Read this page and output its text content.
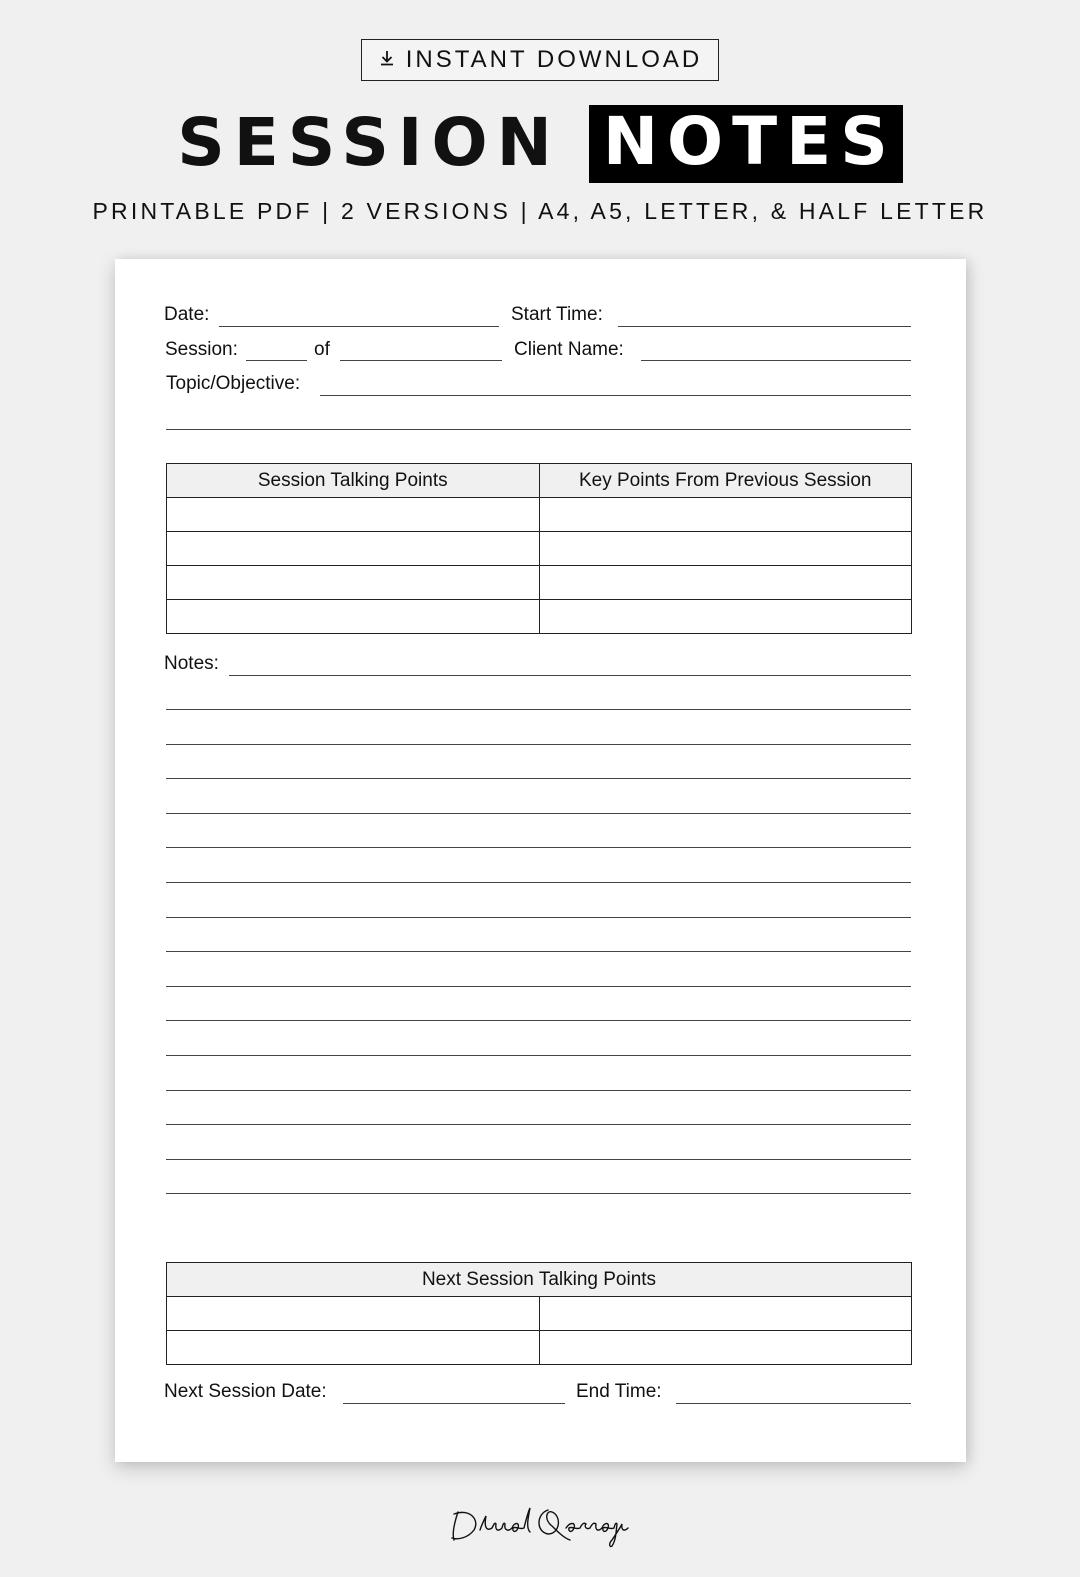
INSTANT DOWNLOAD
SESSION NOTES
PRINTABLE PDF | 2 VERSIONS | A4, A5, LETTER, & HALF LETTER
Date:	Start Time:
Session:	of	Client Name:
Topic/Objective:
Session Talking Points	Key Points From Previous Session

Notes:
Next Session Talking Points	

Next Session Date:	End Time:
